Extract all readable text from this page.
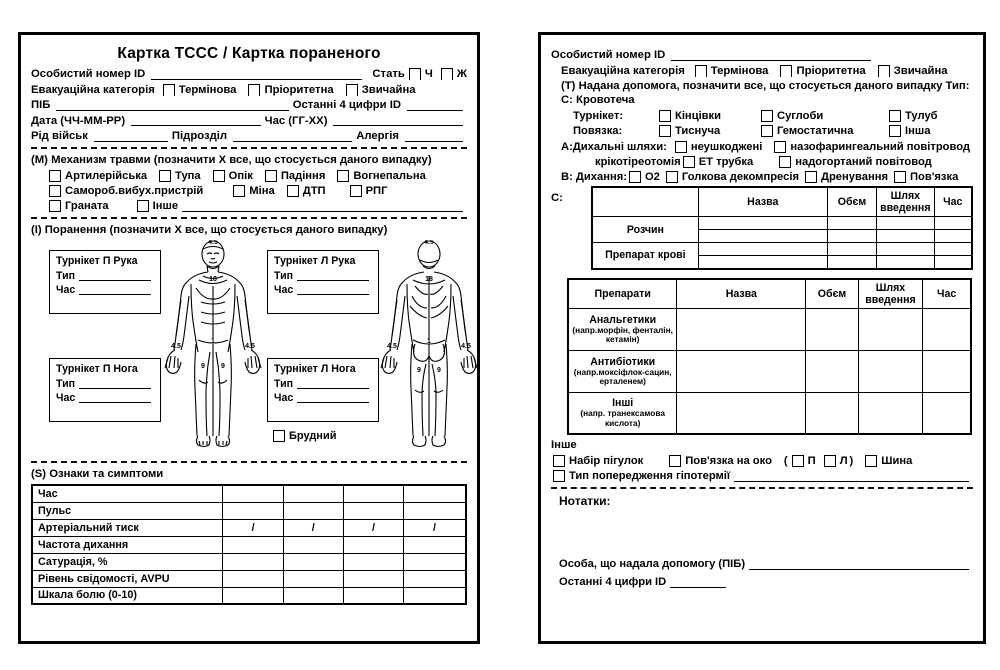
Картка ТССС / Картка пораненого
Особистий номер ID	Стать Ч Ж
Евакуаційна категорія Термінова Пріоритетна Звичайна
ПІБ	Останні 4 цифри ID
Дата (ЧЧ-ММ-РР)	Час (ГГ-ХХ)
Рід військ	Підрозділ	Алергія
(M) Механизм травми (позначити Х все, що стосується даного випадку)
Артилерійська	Тупа	Опік	Падіння	Вогнепальна
Самороб.вибух.пристрій	Міна	ДТП	РПГ
Граната	Інше
(I) Поранення (позначити Х все, що стосується даного випадку)
Турнікет П Рука
Тип
Час
Турнікет Л Рука
Тип
Час
Турнікет П Нога
Тип
Час
Турнікет Л Нога
Тип
Час
Брудний
4.5
18
1
4.5	4.5
9 9
4.5
18
1
4.5	4.5
9 9
(S) Ознаки та симптоми
Час				
Пульс				
Артеріальний тиск	/	/	/	/
Частота дихання				
Сатурація, %				
Рівень свідомості, AVPU				
Шкала болю (0-10)				
Особистий номер ID
Евакуаційна категорія Термінова Пріоритетна Звичайна
(T) Надана допомога, позначити все, що стосується даного випадку Тип:
C: Кровотеча
Турнікет:	Кінцівки	Суглоби	Тулуб
Повязка:	Тиснуча	Гемостатична	Інша
A:Дихальні шляхи: неушкоджені	назофарингеальний повітровод
крікотіреотомія ЕТ трубка	надогортаний повітовод
B: Дихання: О2 Голкова декомпресія Дренування Пов'язка
C:
		Назва	Обєм	Шлях введення	Час
Розчин				

Препарат крові				

Препарати	Назва	Обєм	Шлях введення	Час
Анальгетики
(напр.морфін, фенталін, кетамін)				

Антибіотики
(напр.моксіфлок-сацин, ерталенем)				

Інші
(напр. транексамова кислота)				

Інше
Набір пігулок	Пов'язка на око ( П Л )	Шина
Тип попередження гіпотермії
Нотатки:
Особа, що надала допомогу (ПІБ)
Останні 4 цифри ID
